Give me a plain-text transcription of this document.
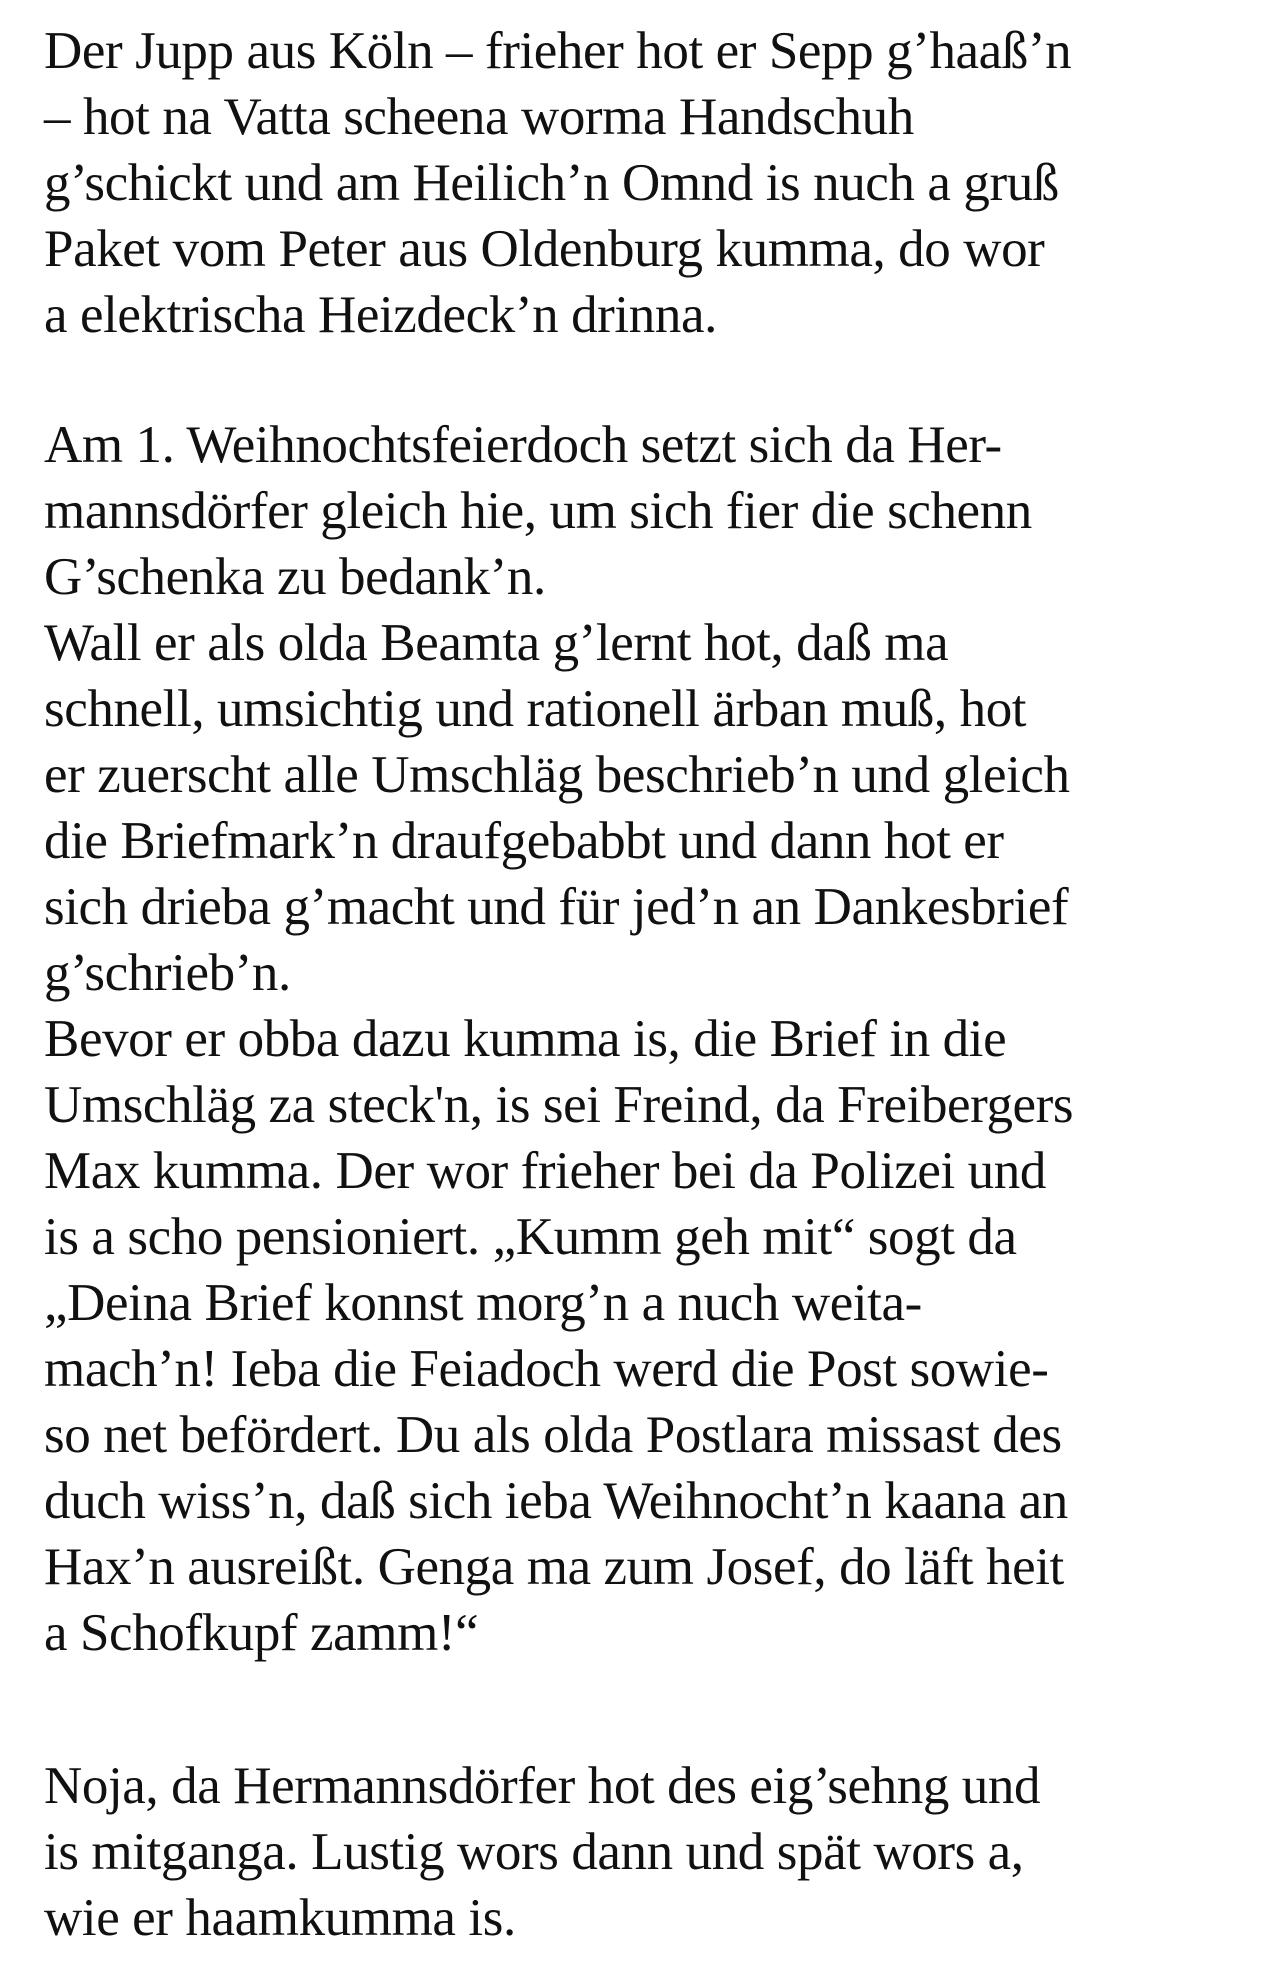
Der Jupp aus Köln – frieher hot er Sepp g’haaß’n
– hot na Vatta scheena worma Handschuh
g’schickt und am Heilich’n Omnd is nuch a gruß
Paket vom Peter aus Oldenburg kumma, do wor
a elektrischa Heizdeck’n drinna.

Am 1. Weihnochtsfeierdoch setzt sich da Her-
mannsdörfer gleich hie, um sich fier die schenn
G’schenka zu bedank’n.
Wall er als olda Beamta g’lernt hot, daß ma
schnell, umsichtig und rationell ärban muß, hot
er zuerscht alle Umschläg beschrieb’n und gleich
die Briefmark’n draufgebabbt und dann hot er
sich drieba g’macht und für jed’n an Dankesbrief
g’schrieb’n.
Bevor er obba dazu kumma is, die Brief in die
Umschläg za steck'n, is sei Freind, da Freibergers
Max kumma. Der wor frieher bei da Polizei und
is a scho pensioniert. „Kumm geh mit“ sogt da
„Deina Brief konnst morg’n a nuch weita-
mach’n! Ieba die Feiadoch werd die Post sowie-
so net befördert. Du als olda Postlara missast des
duch wiss’n, daß sich ieba Weihnocht’n kaana an
Hax’n ausreißt. Genga ma zum Josef, do läft heit
a Schofkupf zamm!“

Noja, da Hermannsdörfer hot des eig’sehng und
is mitganga. Lustig wors dann und spät wors a,
wie er haamkumma is.
